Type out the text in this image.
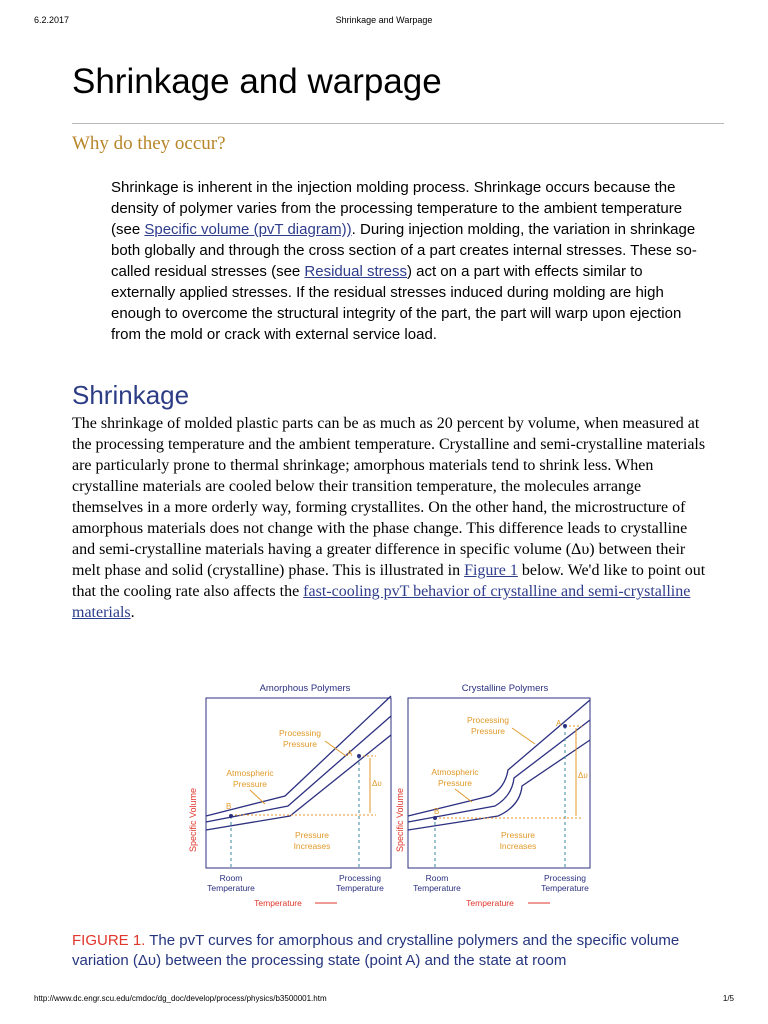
6.2.2017	Shrinkage and Warpage
Shrinkage and warpage
Why do they occur?

Shrinkage is inherent in the injection molding process. Shrinkage occurs because the density of polymer varies from the processing temperature to the ambient temperature (see Specific volume (pvT diagram)). During injection molding, the variation in shrinkage both globally and through the cross section of a part creates internal stresses. These so-called residual stresses (see Residual stress) act on a part with effects similar to externally applied stresses. If the residual stresses induced during molding are high enough to overcome the structural integrity of the part, the part will warp upon ejection from the mold or crack with external service load.

Shrinkage

The shrinkage of molded plastic parts can be as much as 20 percent by volume, when measured at the processing temperature and the ambient temperature. Crystalline and semi-crystalline materials are particularly prone to thermal shrinkage; amorphous materials tend to shrink less. When crystalline materials are cooled below their transition temperature, the molecules arrange themselves in a more orderly way, forming crystallites. On the other hand, the microstructure of amorphous materials does not change with the phase change. This difference leads to crystalline and semi-crystalline materials having a greater difference in specific volume (Δυ) between their melt phase and solid (crystalline) phase. This is illustrated in Figure 1 below. We'd like to point out that the cooling rate also affects the fast-cooling pvT behavior of crystalline and semi-crystalline materials.

Amorphous Polymers
Δυ
A
B
Processing
Pressure
Atmospheric
Pressure
Pressure
Increases
Specific Volume
Room
Temperature
Processing
Temperature
Temperature
Crystalline Polymers
Δυ
A
B
Processing
Pressure
Atmospheric
Pressure
Pressure
Increases
Specific Volume
Room
Temperature
Processing
Temperature
Temperature

FIGURE 1. The pvT curves for amorphous and crystalline polymers and the specific volume variation (Δυ) between the processing state (point A) and the state at room

http://www.dc.engr.scu.edu/cmdoc/dg_doc/develop/process/physics/b3500001.htm	1/5
